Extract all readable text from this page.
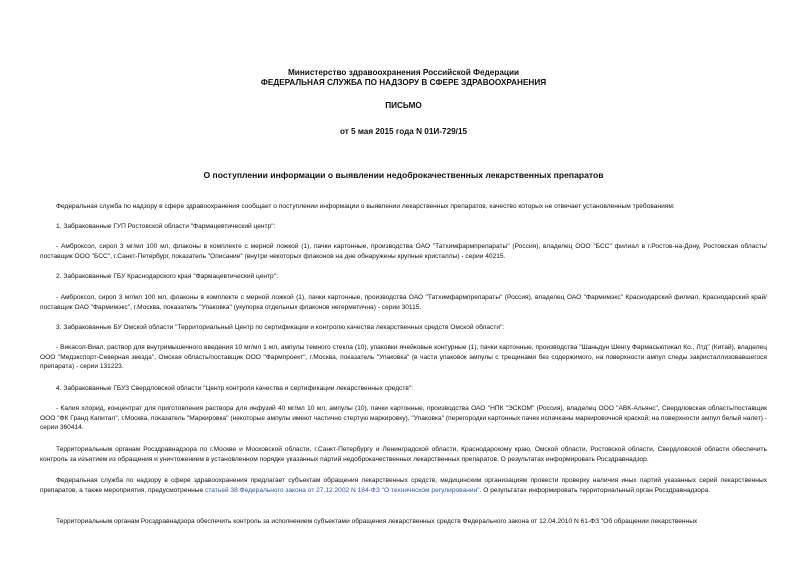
Министерство здравоохранения Российской Федерации
ФЕДЕРАЛЬНАЯ СЛУЖБА ПО НАДЗОРУ В СФЕРЕ ЗДРАВООХРАНЕНИЯ
ПИСЬМО
от 5 мая 2015 года N 01И-729/15
О поступлении информации о выявлении недоброкачественных лекарственных препаратов

Федеральная служба по надзору в сфере здравоохранения сообщает о поступлении информации о выявлении лекарственных препаратов, качество которых не отвечает установленным требованиям:

1. Забракованные ГУП Ростовской области "Фармацевтический центр":

- Амброксол, сироп 3 мг/мл 100 мл, флаконы в комплекте с мерной ложкой (1), пачки картонные, производства ОАО "Татхимфармпрепараты" (Россия), владелец ООО "БСС" филиал в г.Ростов-на-Дону, Ростовская область/поставщик ООО "БСС", г.Санкт-Петербург, показатель "Описание" (внутри некоторых флаконов на дне обнаружены крупные кристаллы) - серии 40215.

2. Забракованные ГБУ Краснодарского края "Фармацевтический центр":

- Амброксол, сироп 3 мг/мл 100 мл, флаконы в комплекте с мерной ложкой (1), пачки картонные, производства ОАО "Татхимфармпрепараты" (Россия), владелец ОАО "Фармимэкс" Краснодарский филиал, Краснодарский край/поставщик ОАО "Фармимэкс", г.Москва, показатель "Упаковка" (укупорка отдельных флаконов негерметична) - серии 30115.

3. Забракованные БУ Омской области "Территориальный Центр по сертификации и контролю качества лекарственных средств Омской области":

- Викасол-Виал, раствор для внутримышечного введения 10 мг/мл 1 мл, ампулы темного стекла (10), упаковки ячейковые контурные (1), пачки картонные, производства "Шаньдун Шенгу Фармасьютикал Ко., Лтд" (Китай), владелец ООО "Медэкспорт-Северная звезда", Омская область/поставщик ООО "Фармпроект", г.Москва, показатель "Упаковка" (в части упаковок ампулы с трещинами без содержимого, на поверхности ампул следы закристаллизовавшегося препарата) - серии 131223.

4. Забракованные ГБУЗ Свердловской области "Центр контроля качества и сертификации лекарственных средств":

- Калия хлорид, концентрат для приготовления раствора для инфузий 40 мг/мл 10 мл, ампулы (10), пачки картонные, производства ОАО "НПК "ЭСКОМ" (Россия), владелец ООО "АВК-Альянс", Свердловская область/поставщик ООО "ФК Гранд Капитал", г.Москва, показатель "Маркировка" (некоторые ампулы имеют частично стертую маркировку), "Упаковка" (перегородки картонных пачек испачканы маркировочной краской; на поверхности ампул белый налет) - серии 360414.

Территориальным органам Росздравнадзора по г.Москве и Московской области, г.Санкт-Петербургу и Ленинградской области, Краснодарскому краю, Омской области, Ростовской области, Свердловской области обеспечить контроль за изъятием из обращения и уничтожением в установленном порядке указанных партий недоброкачественных лекарственных препаратов. О результатах информировать Росздравнадзор.

Федеральная служба по надзору в сфере здравоохранения предлагает субъектам обращения лекарственных средств, медицинским организациям провести проверку наличия иных партий указанных серий лекарственных препаратов, а также мероприятия, предусмотренные статьей 38 Федерального закона от 27.12.2002 N 184-ФЗ "О техническом регулировании". О результатах информировать территориальный орган Росздравнадзора.

Территориальным органам Росздравнадзора обеспечить контроль за исполнением субъектами обращения лекарственных средств Федерального закона от 12.04.2010 N 61-ФЗ "Об обращении лекарственных
